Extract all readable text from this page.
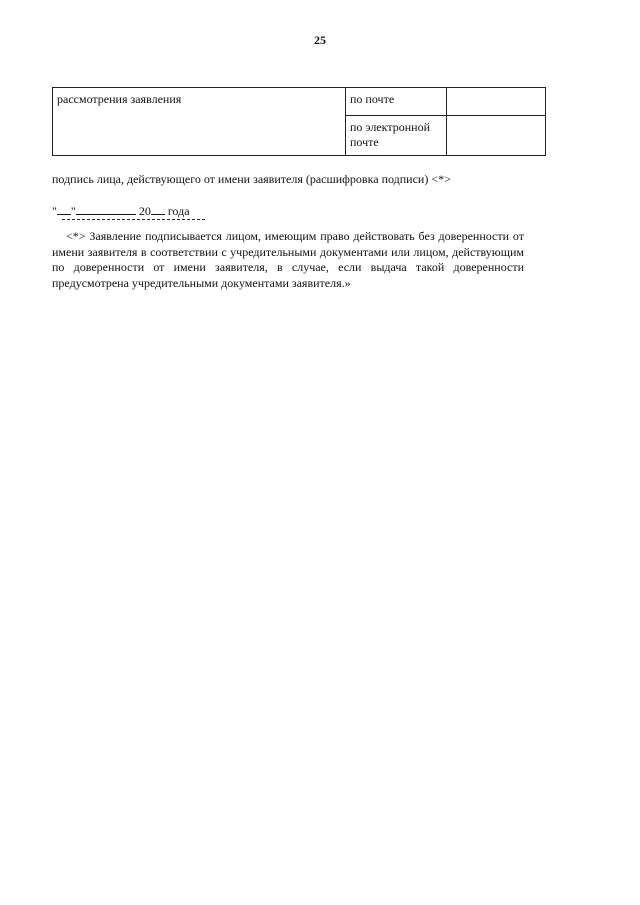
25
рассмотрения заявления	по почте	
	по электронной почте	
подпись лица, действующего от имени заявителя (расшифровка подписи) <*>
" "	20 года
<*> Заявление подписывается лицом, имеющим право действовать без доверенности от имени заявителя в соответствии с учредительными документами или лицом, действующим по доверенности от имени заявителя, в случае, если выдача такой доверенности предусмотрена учредительными документами заявителя.»
